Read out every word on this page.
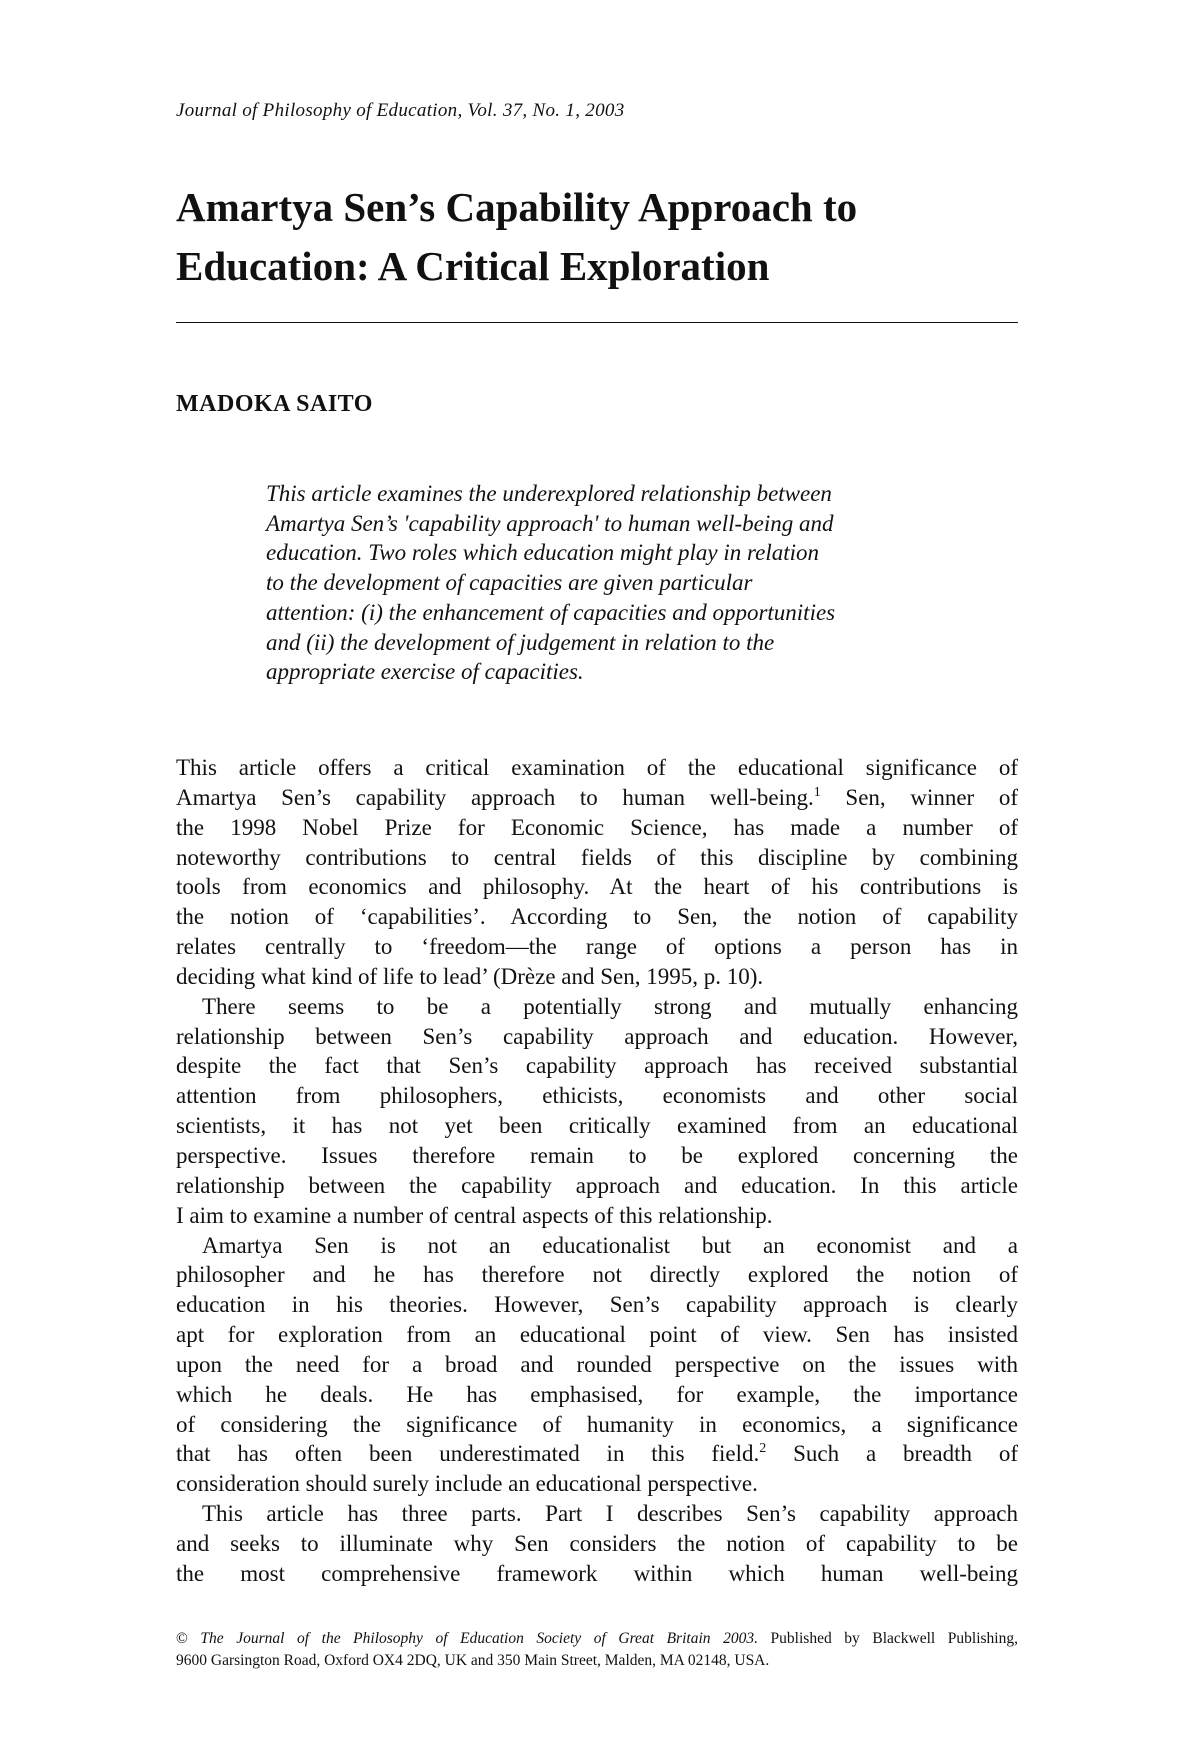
Journal of Philosophy of Education, Vol. 37, No. 1, 2003
Amartya Sen’s Capability Approach to
Education: A Critical Exploration
MADOKA SAITO
This article examines the underexplored relationship between
Amartya Sen’s 'capability approach' to human well-being and
education. Two roles which education might play in relation
to the development of capacities are given particular
attention: (i) the enhancement of capacities and opportunities
and (ii) the development of judgement in relation to the
appropriate exercise of capacities.
This article offers a critical examination of the educational significance of
Amartya Sen’s capability approach to human well-being.$^1$ Sen, winner of
the 1998 Nobel Prize for Economic Science, has made a number of
noteworthy contributions to central fields of this discipline by combining
tools from economics and philosophy. At the heart of his contributions is
the notion of ‘capabilities’. According to Sen, the notion of capability
relates centrally to ‘freedom—the range of options a person has in
deciding what kind of life to lead’ (Drèze and Sen, 1995, p. 10).
There seems to be a potentially strong and mutually enhancing
relationship between Sen’s capability approach and education. However,
despite the fact that Sen’s capability approach has received substantial
attention from philosophers, ethicists, economists and other social
scientists, it has not yet been critically examined from an educational
perspective. Issues therefore remain to be explored concerning the
relationship between the capability approach and education. In this article
I aim to examine a number of central aspects of this relationship.
Amartya Sen is not an educationalist but an economist and a
philosopher and he has therefore not directly explored the notion of
education in his theories. However, Sen’s capability approach is clearly
apt for exploration from an educational point of view. Sen has insisted
upon the need for a broad and rounded perspective on the issues with
which he deals. He has emphasised, for example, the importance
of considering the significance of humanity in economics, a significance
that has often been underestimated in this field.$^2$ Such a breadth of
consideration should surely include an educational perspective.
This article has three parts. Part I describes Sen’s capability approach
and seeks to illuminate why Sen considers the notion of capability to be
the most comprehensive framework within which human well-being
© The Journal of the Philosophy of Education Society of Great Britain 2003. Published by Blackwell Publishing,
9600 Garsington Road, Oxford OX4 2DQ, UK and 350 Main Street, Malden, MA 02148, USA.
